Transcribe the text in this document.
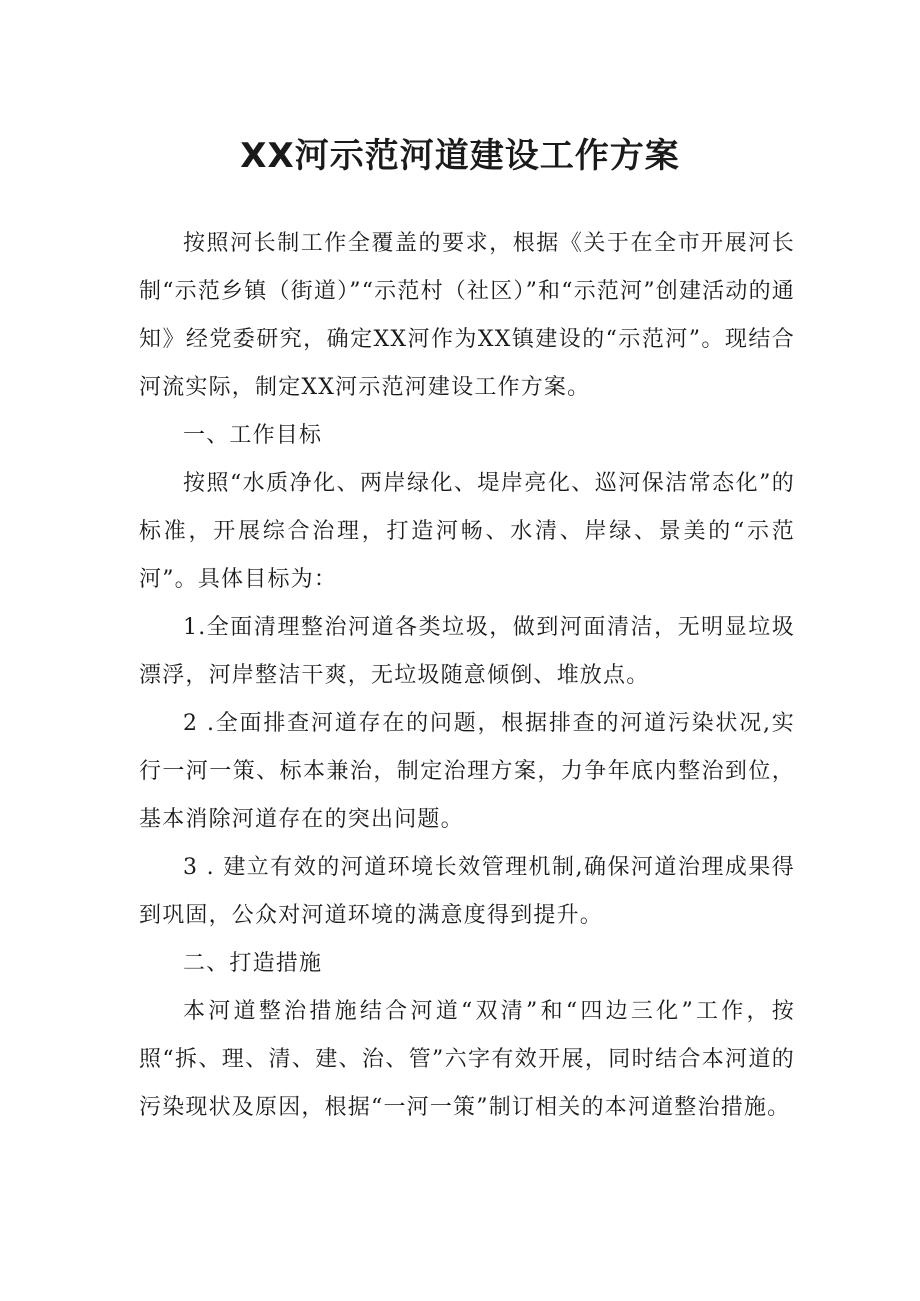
XX河示范河道建设工作方案

按照河长制工作全覆盖的要求，根据《关于在全市开展河长制“示范乡镇（街道）”“示范村（社区）”和“示范河”创建活动的通知》经党委研究，确定XX河作为XX镇建设的“示范河”。现结合河流实际，制定XX河示范河建设工作方案。

一、工作目标

按照“水质净化、两岸绿化、堤岸亮化、巡河保洁常态化”的标准，开展综合治理，打造河畅、水清、岸绿、景美的“示范河”。具体目标为：

1.全面清理整治河道各类垃圾，做到河面清洁，无明显垃圾漂浮，河岸整洁干爽，无垃圾随意倾倒、堆放点。

2 .全面排查河道存在的问题，根据排查的河道污染状况,实行一河一策、标本兼治，制定治理方案，力争年底内整治到位，基本消除河道存在的突出问题。

3 . 建立有效的河道环境长效管理机制,确保河道治理成果得到巩固，公众对河道环境的满意度得到提升。

二、打造措施

本河道整治措施结合河道“双清”和“四边三化”工作，按照“拆、理、清、建、治、管”六字有效开展，同时结合本河道的污染现状及原因，根据“一河一策”制订相关的本河道整治措施。
